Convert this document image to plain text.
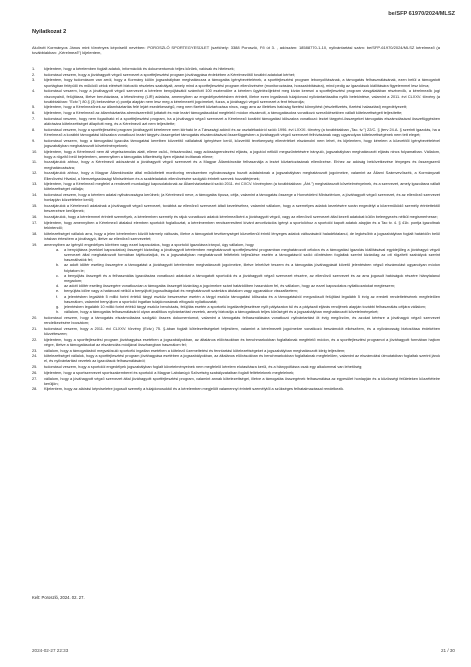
be/SFP 61970/2024/MLSZ
Nyilatkozat 2
Alulírott Kormányos János mint törvényes képviselő nevében: POROSZLÓ SPORTEGYESÜLET (székhely: 3388 Poroszló, Fő út 3. , adószám: 18588770-1-10, nyilvántartási szám: be/SFP-61970/2024/MLSZ kérelmező (a továbbiakban: „Kérelmező") kijelentem,
1.	kijelentem, hogy a kérelemben foglalt adatok, információk és dokumentumok teljes körűek, valósak és hitelesek;
2.	tudomásul veszem, hogy a jóváhagyott végző szervezet a sportfejlesztési program jóváhagyása érdekében a Kérelmezőtől további adatokat kérhet;
3.	kijelentem, hogy tudomásom van arról, hogy a Kormány külön jogszabályban meghatározza a támogatás igénybevételének, a sportfejlesztési program lebonyolításának, a támogatás felhasználásának, ezen belül a támogatott sportágban felépülő és működő célok elérését biztosító részletes szabályait, amely mind a sportfejlesztési program ellenőrzésére (monitorozására, hosszabbítására), mind pedig az igazolások kiállítására figyelemmel lesz kiírva;
4.	tudomásul veszem, hogy a jóváhagyott végző szervezet a kérelem benyújtásától számított 100 esztendőre a kérelem ügyintézőjeként meg kíván keresni a sportfejlesztési program vizsgálatában résztvevők, a kérelmezők jogi viszonyairól, felújításra, illetve beruházásra, a létesítmény (LIR) adataira, amennyiben az engedélyeztetésben érintett, illetve ezen ingatlanok tulajdonosi nyilvántartásaiba nyílik betekintése, valamint a 2011. évi CLXXV. törvény (a továbbiakban: "Ectv.") 80.§ (3) bekezdése c) pontja alapján nem lesz meg a kérelmezett jogcímeket, fuzza, a jóváhagyó végző szervezet a fent felsorolja;
5.	kijelentem, hogy a Kérelmezőnek az államháztartás felé lejárt esedékességű, meg nem fizetett köztartozása nincs, vagy arra az illetékes hatóság fizetési könnyítést (részletfizetés, fizetési halasztást) engedélyezett;
6.	kijelentem, hogy a Kérelmező az államháztartás alrendszereiből juttatott és már lezárt támogatásokkal megfelelő módon elszámolt, a támogatásokra vonatkozó szerződésekben vállalt kötelezettségeit teljesítette;
7.	tudomásul veszem, hogy nem fogadható el a sportfejlesztési program, ha a jóváhagyó végző szervezet a Kérelmező korábbi támogatási időszakra vonatkozó lezárt tárgyévi-összegeket támogatás elszámolásával összefüggésben aláírására kötelezettséget állapított meg, és a Kérelmező azt nem teljesítette;
8.	tudomásul veszem, hogy a sportfejlesztési program jóváhagyott kérelemre nem kiírható le a Társasági adóról és az osztalékadóról szóló 1996. évi LXXXI. törvény (a továbbiakban „Tao. tv.") 22/C. § (terv 24.A. § szerinti igazolás, ha a Kérelmező a korábbi támogatási időszakra vonatkozó lezárt tárgyév-összegeket támogatás elszámolásával összefüggésben a jóváhagyott végző szervezet felhívásának vagy ugyanolyan kötelezettségének nem tett eleget;
9.	tudomásul veszem, hogy a támogatási igazolás támogatási keretben közvetítő vállalatnál igénylésre kerül, közvetítő tevékenység ellenértéket elszámolni nem lehet, és kijelentem, hogy kérelem a közvetítői igénybevételével jogszabályban meghatározott követelményeknek;
10.	kijelentem, hogy a Kérelmező nem áll végelszámolás alatt, ellene csőd-, felszámolási, vagy adósságrendezési eljárás, a jogutód nélküli megszűntetésére irányuló, jogszabályban meghatározott eljárás nincs folyamatban. Vállalom, hogy a rögzítő beül bejelentem, amennyiben a támogatás kifizetéséig ilyen eljárást indítanak ellene;
11.	hozzájárulok ahhoz, hogy a Kérelmező adószámát a jóváhagyott végző szervezet és a Magyar Államkincstár felhasználja a lezárt köztartozásának ellenőrzése. Ehhez az adóság bekövetkezése lényeges és összegszerű meghatározására;
12.	hozzájárulok ahhoz, hogy a Magyar Államkincstár által működtetett monitoring rendszerben nyilvánosságra hozott adatainknak a jogszabályban meghatározott jogcímekre, valamint az Állami Számvevőszék, a Kormányzati Ellenőrzési Hivatal, a Nemzetgazdasági Minisztérium és a szakfeladatok ellenőrzésére szolgáló érintett szervek hozzáférjenek;
13.	kijelentem, hogy a Kérelmező megfelel a rendezett munkaügyi kapcsolatoknak az Államháztartásról szóló 2011. évi CXCV. törvényben (a továbbiakban: „Áht.") meghatározott követelményeinek, és a szervezet, amely igazolásra vállalt kötelezettséget vállalja;
14.	tudomásul veszem, hogy a kérelem adatai nyilvánosságra kerülnek; (a Kérelmező neve, a támogatás típusa, célja, valamint a támogatás összege a Honvédelmi Minisztérium, a jóváhagyott végző szervezet, és az ellenőrző szervezet honlapján közzétételre kerül);
15.	hozzájárulok a Kérelmező adatainak a jóváhagyott végző szervezet, továbbá az ellenőrző szervezet általi kezeléséhez, valamint vállalom, hogy a személyes adatok kezelésére során engedélyt a közreműködő személy érintettektől beszerzésre kerüljenek;
16.	hozzájárulok, hogy a kérelemmel érintett személyek, a kérelemben személy és rájuk vonatkozó adatok kérelmezőként a jóváhagyott végző, vagy az ellenőrző szervezet által kezelt adatokat külön beleegyezés nélkül megismerhesse;
17.	kijelentem, hogy amennyiben a Kérelmező átalakul elemben sportolót foglalkoztat, a kérelmemben rendszeresíteni kívánt amortizációs igényt a sportolóhoz a sportolói kapott adatok alapján és a Tao tv. 4. § 41b. pontja igazoltnak tekintendő;
18.	kötelezettséget vállalok arra, hogy a jelen kérelemben közölt bármely változás, illetve a támogatott tevékenységet közvetlenül érintő lényeges adatok változásáról haladéktalanul, de legkésőbb a jogszabályban foglalt határidőn belül írásban értesítem a jóváhagyó, illetve az ellenőrző szervezetet;
19.	amennyiben az igénylő engedélyes körében vagy ezzel kapcsolatos, hogy a sportolói igazolásra irányul, úgy vállalom, hogy
a.	a benyújtásra (ezekkel kapcsolatos) összegét kizárólag a jóváhagyott kérelemben meghatározott sportfejlesztési programban meghatározott célokra és a támogatási igazolás kiállításával egyidejűleg a jóváhagyó végző szervezet által meghatározott formában tájékoztatjuk, és a jogszabályban meghatározott feltételek teljesülése esetén a támogatásról szóló döntésben foglaltak szerint kizárólag az ott rögzített szabályok szerint használhatók fel;
b.	az adott időtér esetleg összegére a támogatást a jóváhagyott kérelemben meghatározott jogcímekre, illetve lehetővé teszem és a támogatás jóváhagyását követő jelentésben végső elszámolást ugyanolyan módon folytatom le;
c.	a benyújtás összegét és a felhasználás igazolására vonatkozó adatokat a támogatott sportolók és a jóváhagyott végző szervezet részére, az ellenőrző szervezet és az arra jogosult hatóságok részére hiánytalanul megadom;
d.	az adott időtér esetleg összegére vonatkozóan a támogatás összegét kizárólag a jogcímekre szánt határidőben használom fel, és vállalom, hogy az ezzel kapcsolatos nyilatkozatokat megteszem;
e.	benyújtás időre vagy a határozat nélkül a benyújtott jogosultságokat és meghatározott számlára átutalom vagy ugyanakkor visszafizetem;
f.	a jelentésben legalább 5 millió forint értékű tárgyi eszköz beszerzése esetén a tárgyi eszköz támogatási időszaka és a támogatásból megvalósult felújítást legalább 5 évig az eredeti rendeltetésének megfelelően használom, valamint benyújtom a sportolói ingatlan tulajdonosának elfogadó nyilatkozatát;
g.	jelentésben legalább 10 millió forint értékű tárgyi eszköz beruházás, felújítás esetén a sportcélú ingatlanfejlesztésre nyílt pályázaton túl és a pályázati eljárás rendjének alapján további felhasználás céljára vállalom;
h.	vállalom, hogy a támogatás felhasználásáról olyan analitikus nyilvántartást vezetek, amely biztosítja a támogatások teljes körűségét és a jogszabályban meghatározott követelményeket;
20.	tudomásul veszem, hogy a támogatás elszámolására szolgáló összes dokumentumot, valamint a támogatás felhasználására vonatkozó nyilvántartást öt évig megőrzöm, és azokat kérésre a jóváhagyó végző szervezet rendelkezésére bocsátom;
21.	tudomásul veszem, hogy a 2011. évi CLXXV. törvény (Ectv.) 75. §-ában foglalt kötelezettségeket teljesítem, valamint a kérelmezett jogcímekre vonatkozó beszámolót elkészítem, és a nyilvánosság biztosítása érdekében közzéteszem;
22.	kijelentem, hogy a sportfejlesztési program jóváhagyása esetében a jogszabályokban, az általános előírásokban és benchmarkokban foglaltaknak megfelelő módon, és a sportfejlesztési programot a jóváhagyott formában hajtom végre, illetve a támogatásokat az elszámolás módjával összhangban használom fel;
23.	vállalom, hogy a támogatásból megvalósuló sportcélú ingatlan esetében a kötelező üzemeltetési és fenntartási kötelezettségeket a jogszabályban meghatározott ideig teljesítem;
24.	kötelezettséget vállalok, hogy a sportfejlesztési program jóváhagyása esetében a jogszabályokban, az általános előírásokban és benchmarkokban foglaltaknak megfelelően, valamint az elszámolási útmutatóban foglaltak szerint járok el, és nyilvántartást vezetek az igazolások felhasználásáról;
25.	tudomásul veszem, hogy a sportolói engedélyek jogszabályban foglalt követelményeinek nem megfelelő kérelem elutasításra kerül, és a hiánypótlásra csak egy alkalommal van lehetőség;
26.	kijelentem, hogy a sportszervezet sportszakemberei és sportolói a Magyar Labdarúgó Szövetség szabályzataiban foglalt feltételeknek megfelelnek;
27.	vállalom, hogy a jóváhagyott végző szervezet által jóváhagyott sportfejlesztési program, valamint annak kötelezettségei, illetve a támogatás összegének felhasználása az egyesület honlapján és a közösségi felületeken közzétételre kerüljön;
28.	Kijelentem, hogy az aláírási képviseletre jogosult személy a tulajdonosoktól és a kérelemben megjelölt valamennyi érintett személytől a szükséges felhatalmazással rendelkezik.
Kelt: Poroszló, 2024. 02. 27.
2024-02-27 22:33	21 / 30
